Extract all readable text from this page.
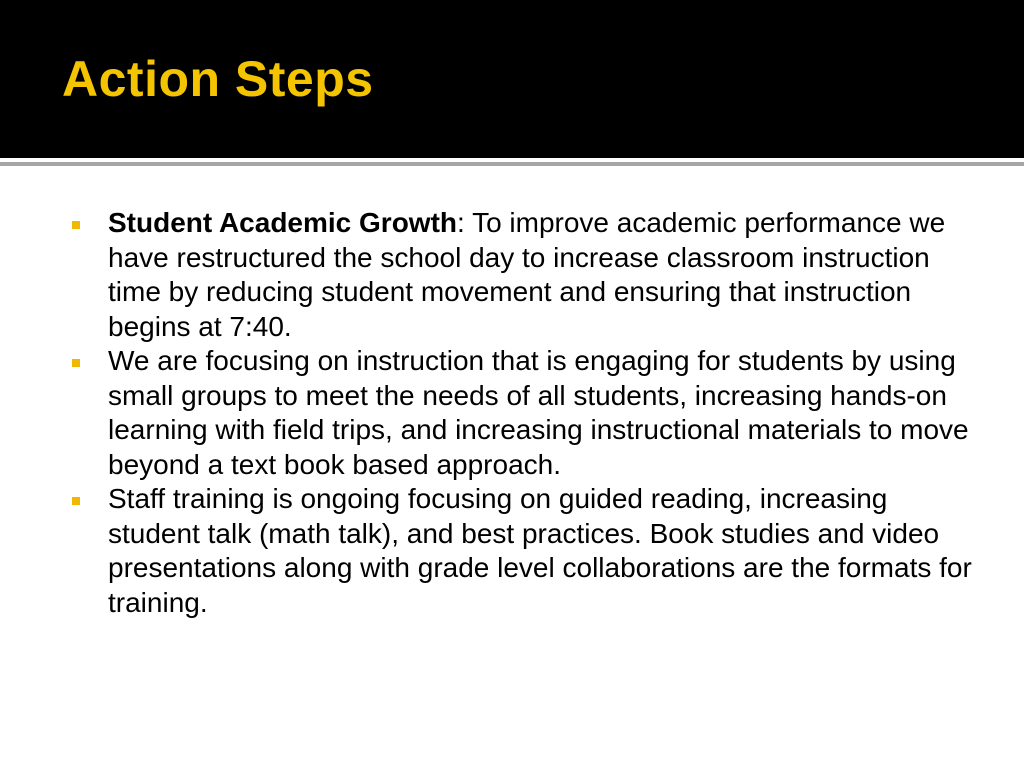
Action Steps
Student Academic Growth: To improve academic performance we have restructured the school day to increase classroom instruction time by reducing student movement and ensuring that instruction begins at 7:40.
We are focusing on instruction that is engaging for students by using small groups to meet the needs of all students, increasing hands-on learning with field trips, and increasing instructional materials to move beyond a text book based approach.
Staff training is ongoing focusing on guided reading, increasing student talk (math talk), and best practices. Book studies and video presentations along with grade level collaborations are the formats for training.
